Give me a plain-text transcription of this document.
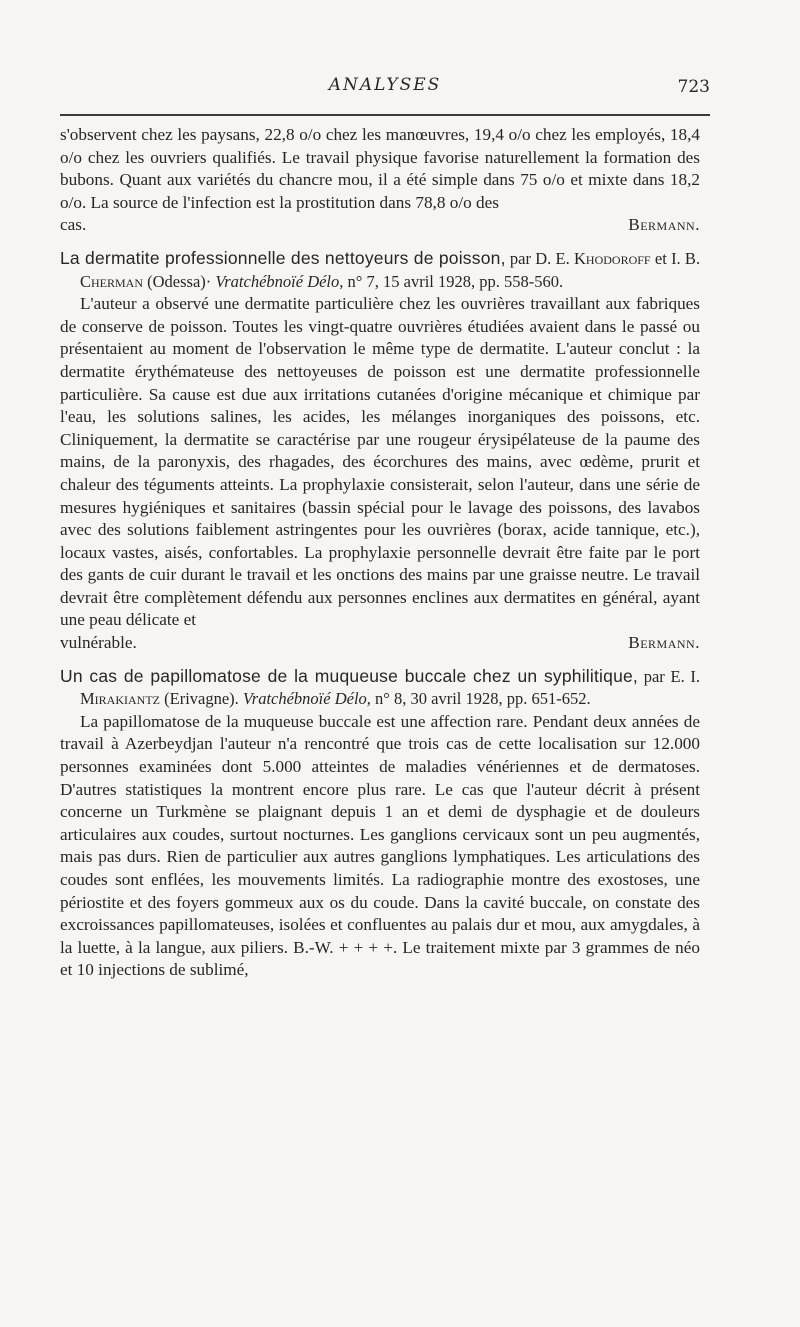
ANALYSES	723

s'observent chez les paysans, 22,8 o/o chez les manœuvres, 19,4 o/o chez les employés, 18,4 o/o chez les ouvriers qualifiés. Le travail physique favorise naturellement la formation des bubons. Quant aux variétés du chancre mou, il a été simple dans 75 o/o et mixte dans 18,2 o/o. La source de l'infection est la prostitution dans 78,8 o/o des

cas.	Bermann.

La dermatite professionnelle des nettoyeurs de poisson, par D. E. Khodoroff et I. B. Cherman (Odessa)· Vratchébnoïé Délo, n° 7, 15 avril 1928, pp. 558-560.

L'auteur a observé une dermatite particulière chez les ouvrières travaillant aux fabriques de conserve de poisson. Toutes les vingt-quatre ouvrières étudiées avaient dans le passé ou présentaient au moment de l'observation le même type de dermatite. L'auteur conclut : la dermatite érythémateuse des nettoyeuses de poisson est une dermatite professionnelle particulière. Sa cause est due aux irritations cutanées d'origine mécanique et chimique par l'eau, les solutions salines, les acides, les mélanges inorganiques des poissons, etc. Cliniquement, la dermatite se caractérise par une rougeur érysipélateuse de la paume des mains, de la paronyxis, des rhagades, des écorchures des mains, avec œdème, prurit et chaleur des téguments atteints. La prophylaxie consisterait, selon l'auteur, dans une série de mesures hygiéniques et sanitaires (bassin spécial pour le lavage des poissons, des lavabos avec des solutions faiblement astringentes pour les ouvrières (borax, acide tannique, etc.), locaux vastes, aisés, confortables. La prophylaxie personnelle devrait être faite par le port des gants de cuir durant le travail et les onctions des mains par une graisse neutre. Le travail devrait être complètement défendu aux personnes enclines aux dermatites en général, ayant une peau délicate et

vulnérable.	Bermann.

Un cas de papillomatose de la muqueuse buccale chez un syphilitique, par E. I. Mirakiantz (Erivagne). Vratchébnoïé Délo, n° 8, 30 avril 1928, pp. 651-652.

La papillomatose de la muqueuse buccale est une affection rare. Pendant deux années de travail à Azerbeydjan l'auteur n'a rencontré que trois cas de cette localisation sur 12.000 personnes examinées dont 5.000 atteintes de maladies vénériennes et de dermatoses. D'autres statistiques la montrent encore plus rare. Le cas que l'auteur décrit à présent concerne un Turkmène se plaignant depuis 1 an et demi de dysphagie et de douleurs articulaires aux coudes, surtout nocturnes. Les ganglions cervicaux sont un peu augmentés, mais pas durs. Rien de particulier aux autres ganglions lymphatiques. Les articulations des coudes sont enflées, les mouvements limités. La radiographie montre des exostoses, une périostite et des foyers gommeux aux os du coude. Dans la cavité buccale, on constate des excroissances papillomateuses, isolées et confluentes au palais dur et mou, aux amygdales, à la luette, à la langue, aux piliers. B.-W. + + + +. Le traitement mixte par 3 grammes de néo et 10 injections de sublimé,
